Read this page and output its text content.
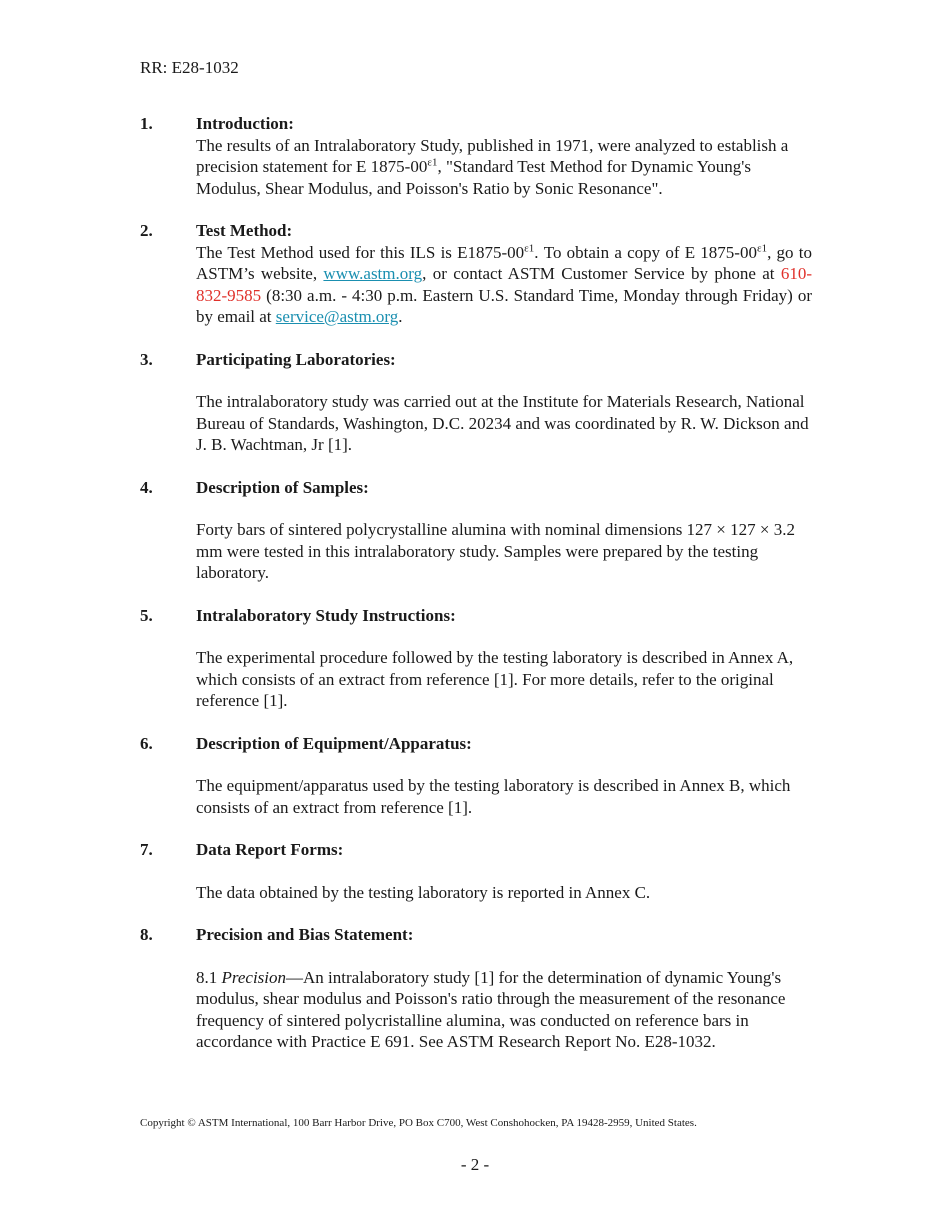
RR: E28-1032
1.	Introduction:
The results of an Intralaboratory Study, published in 1971, were analyzed to establish a precision statement for E $1875-00^{\varepsilon 1}$, "Standard Test Method for Dynamic Young's Modulus, Shear Modulus, and Poisson's Ratio by Sonic Resonance".
2.	Test Method:
The Test Method used for this ILS is $E1875-00^{\varepsilon 1}$. To obtain a copy of E $1875-00^{\varepsilon 1}$, go to ASTM’s website, www.astm.org, or contact ASTM Customer Service by phone at 610-832-9585 (8:30 a.m. - 4:30 p.m. Eastern U.S. Standard Time, Monday through Friday) or by email at service@astm.org.
3.	Participating Laboratories:
The intralaboratory study was carried out at the Institute for Materials Research, National Bureau of Standards, Washington, D.C. 20234 and was coordinated by R. W. Dickson and J. B. Wachtman, Jr [1].
4.	Description of Samples:
Forty bars of sintered polycrystalline alumina with nominal dimensions 127 × 127 × 3.2 mm were tested in this intralaboratory study. Samples were prepared by the testing laboratory.
5.	Intralaboratory Study Instructions:
The experimental procedure followed by the testing laboratory is described in Annex A, which consists of an extract from reference [1]. For more details, refer to the original reference [1].
6.	Description of Equipment/Apparatus:
The equipment/apparatus used by the testing laboratory is described in Annex B, which consists of an extract from reference [1].
7.	Data Report Forms:
The data obtained by the testing laboratory is reported in Annex C.
8.	Precision and Bias Statement:
8.1 Precision—An intralaboratory study [1] for the determination of dynamic Young's modulus, shear modulus and Poisson's ratio through the measurement of the resonance frequency of sintered polycristalline alumina, was conducted on reference bars in accordance with Practice E 691. See ASTM Research Report No. E28-1032.
Copyright © ASTM International, 100 Barr Harbor Drive, PO Box C700, West Conshohocken, PA 19428-2959, United States.
- 2 -
